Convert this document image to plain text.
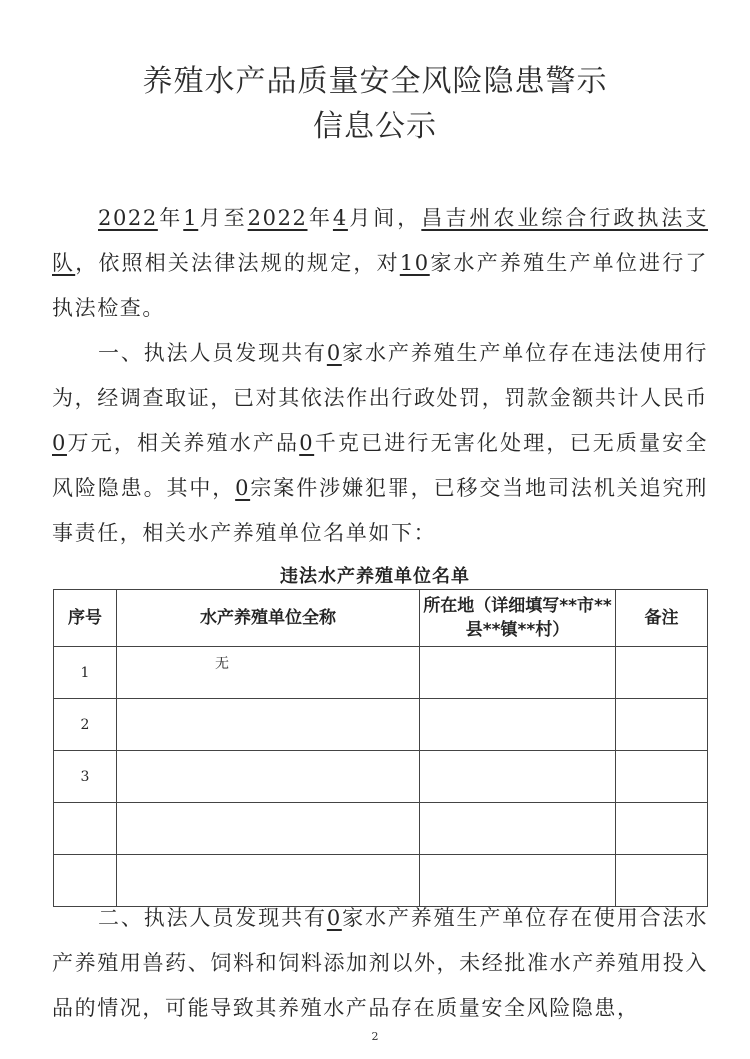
养殖水产品质量安全风险隐患警示
信息公示
2022年1月至2022年4月间，昌吉州农业综合行政执法支队，依照相关法律法规的规定，对10家水产养殖生产单位进行了执法检查。
一、执法人员发现共有0家水产养殖生产单位存在违法使用行为，经调查取证，已对其依法作出行政处罚，罚款金额共计人民币0万元，相关养殖水产品0千克已进行无害化处理，已无质量安全风险隐患。其中，0宗案件涉嫌犯罪，已移交当地司法机关追究刑事责任，相关水产养殖单位名单如下：
违法水产养殖单位名单
序号	水产养殖单位全称	所在地（详细填写**市**县**镇**村）	备注
1	无		
2			
3			

二、执法人员发现共有0家水产养殖生产单位存在使用合法水产养殖用兽药、饲料和饲料添加剂以外，未经批准水产养殖用投入品的情况，可能导致其养殖水产品存在质量安全风险隐患，
2
